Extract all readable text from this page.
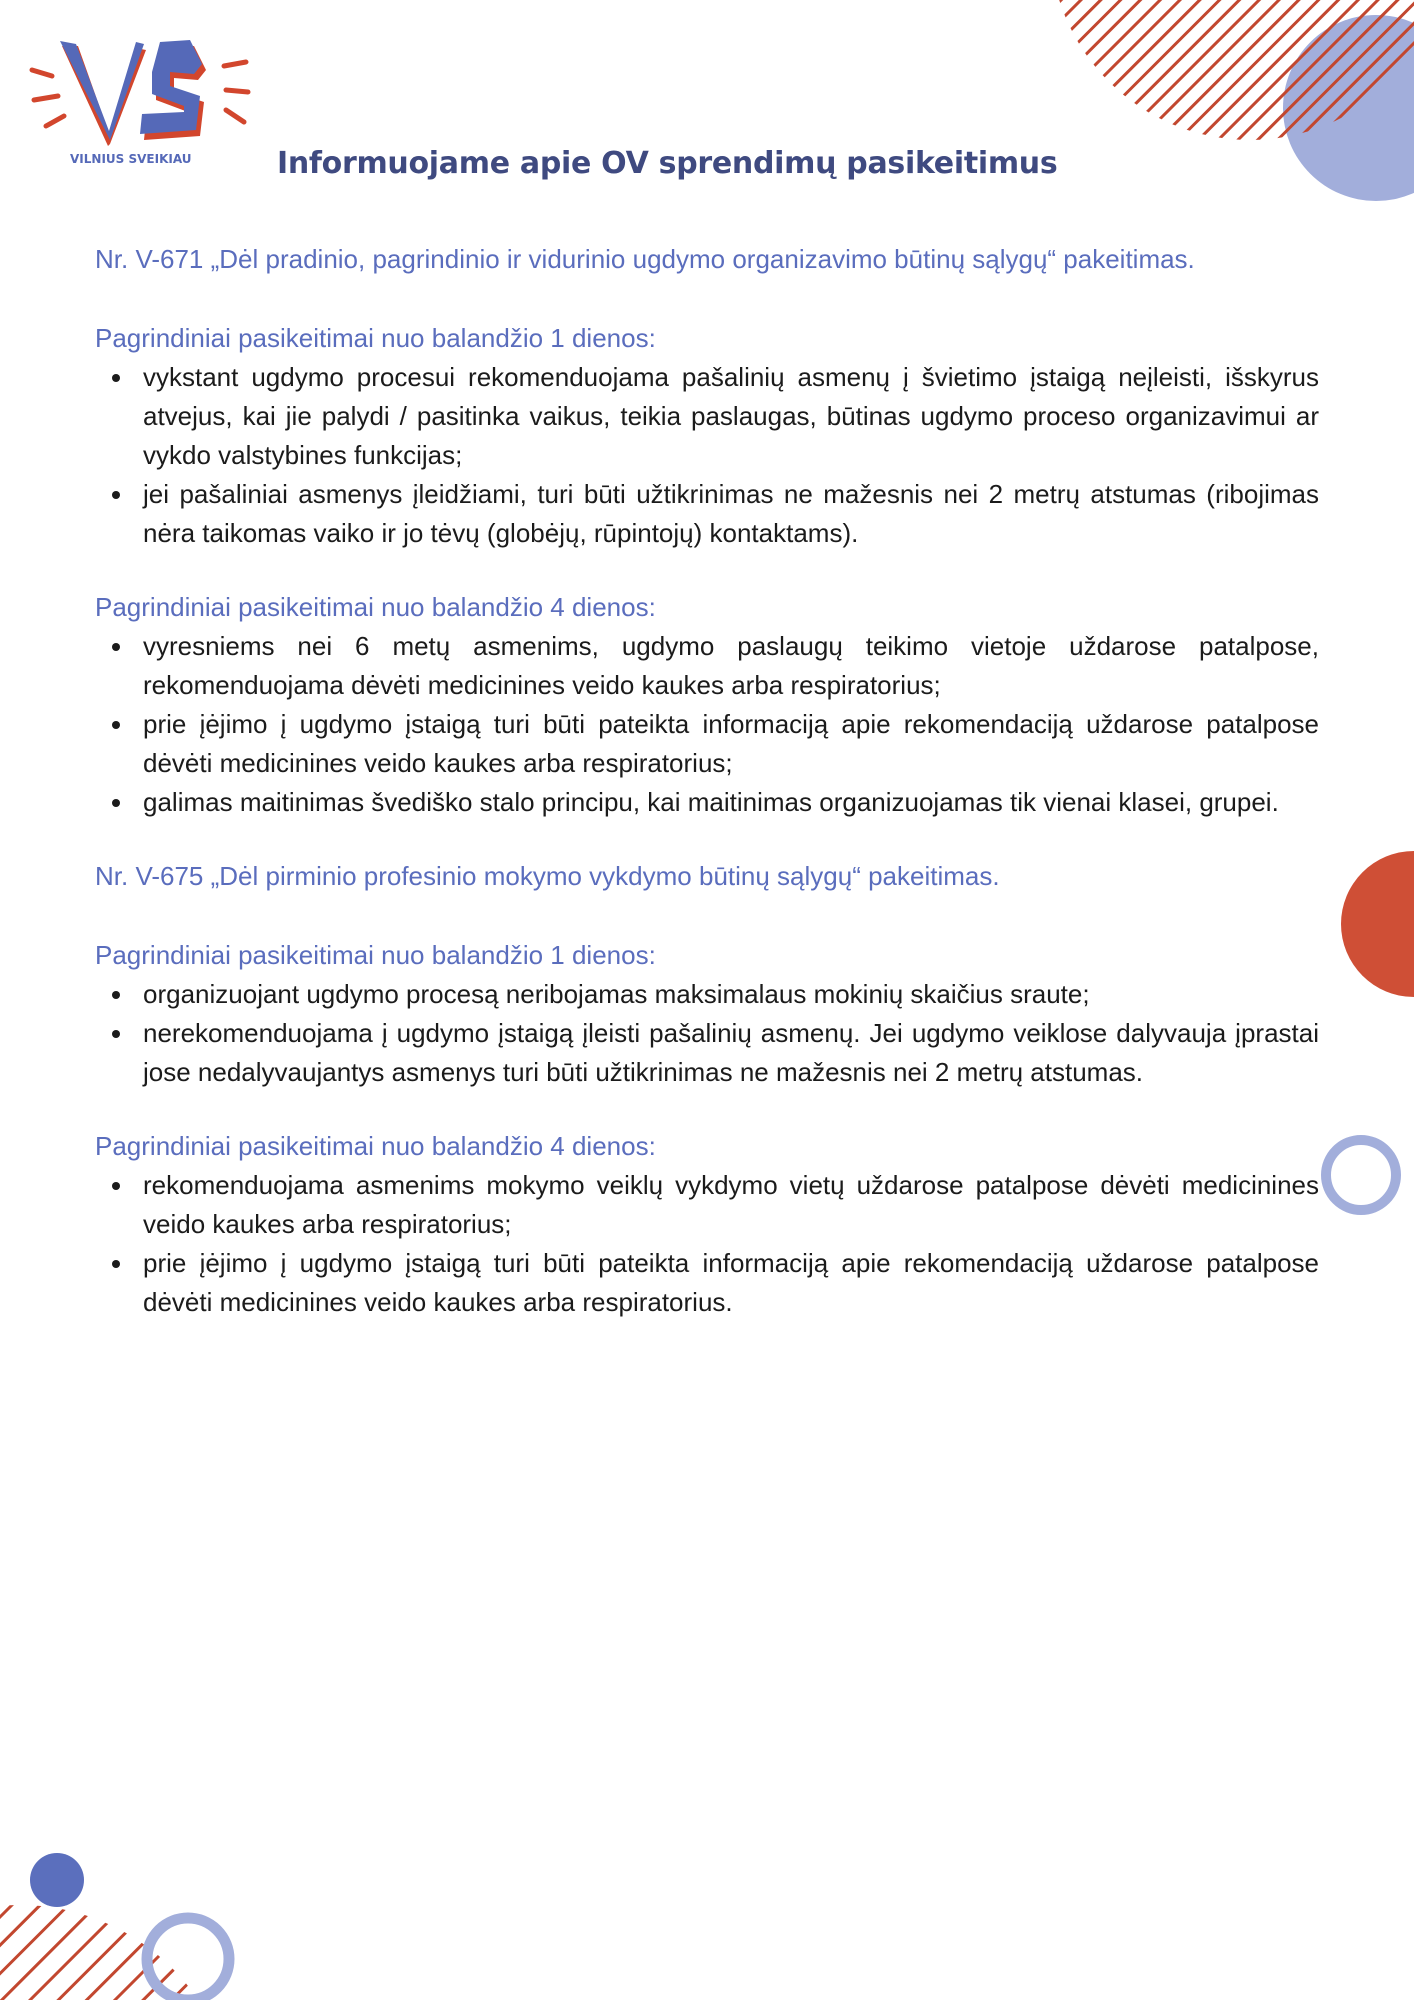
VILNIUS SVEIKIAU	Informuojame apie OV sprendimų pasikeitimus

Nr. V-671 „Dėl pradinio, pagrindinio ir vidurinio ugdymo organizavimo būtinų sąlygų“ pakeitimas.

Pagrindiniai pasikeitimai nuo balandžio 1 dienos:

vykstant ugdymo procesui rekomenduojama pašalinių asmenų į švietimo įstaigą neįleisti, išskyrus atvejus, kai jie palydi / pasitinka vaikus, teikia paslaugas, būtinas ugdymo proceso organizavimui ar vykdo valstybines funkcijas;
jei pašaliniai asmenys įleidžiami, turi būti užtikrinimas ne mažesnis nei 2 metrų atstumas (ribojimas nėra taikomas vaiko ir jo tėvų (globėjų, rūpintojų) kontaktams).

Pagrindiniai pasikeitimai nuo balandžio 4 dienos:

vyresniems nei 6 metų asmenims, ugdymo paslaugų teikimo vietoje uždarose patalpose, rekomenduojama dėvėti medicinines veido kaukes arba respiratorius;
prie įėjimo į ugdymo įstaigą turi būti pateikta informaciją apie rekomendaciją uždarose patalpose dėvėti medicinines veido kaukes arba respiratorius;
galimas maitinimas švediško stalo principu, kai maitinimas organizuojamas tik vienai klasei, grupei.

Nr. V-675 „Dėl pirminio profesinio mokymo vykdymo būtinų sąlygų“ pakeitimas.

Pagrindiniai pasikeitimai nuo balandžio 1 dienos:

organizuojant ugdymo procesą neribojamas maksimalaus mokinių skaičius sraute;
nerekomenduojama į ugdymo įstaigą įleisti pašalinių asmenų. Jei ugdymo veiklose dalyvauja įprastai jose nedalyvaujantys asmenys turi būti užtikrinimas ne mažesnis nei 2 metrų atstumas.

Pagrindiniai pasikeitimai nuo balandžio 4 dienos:

rekomenduojama asmenims mokymo veiklų vykdymo vietų uždarose patalpose dėvėti medicinines veido kaukes arba respiratorius;
prie įėjimo į ugdymo įstaigą turi būti pateikta informaciją apie rekomendaciją uždarose patalpose dėvėti medicinines veido kaukes arba respiratorius.
